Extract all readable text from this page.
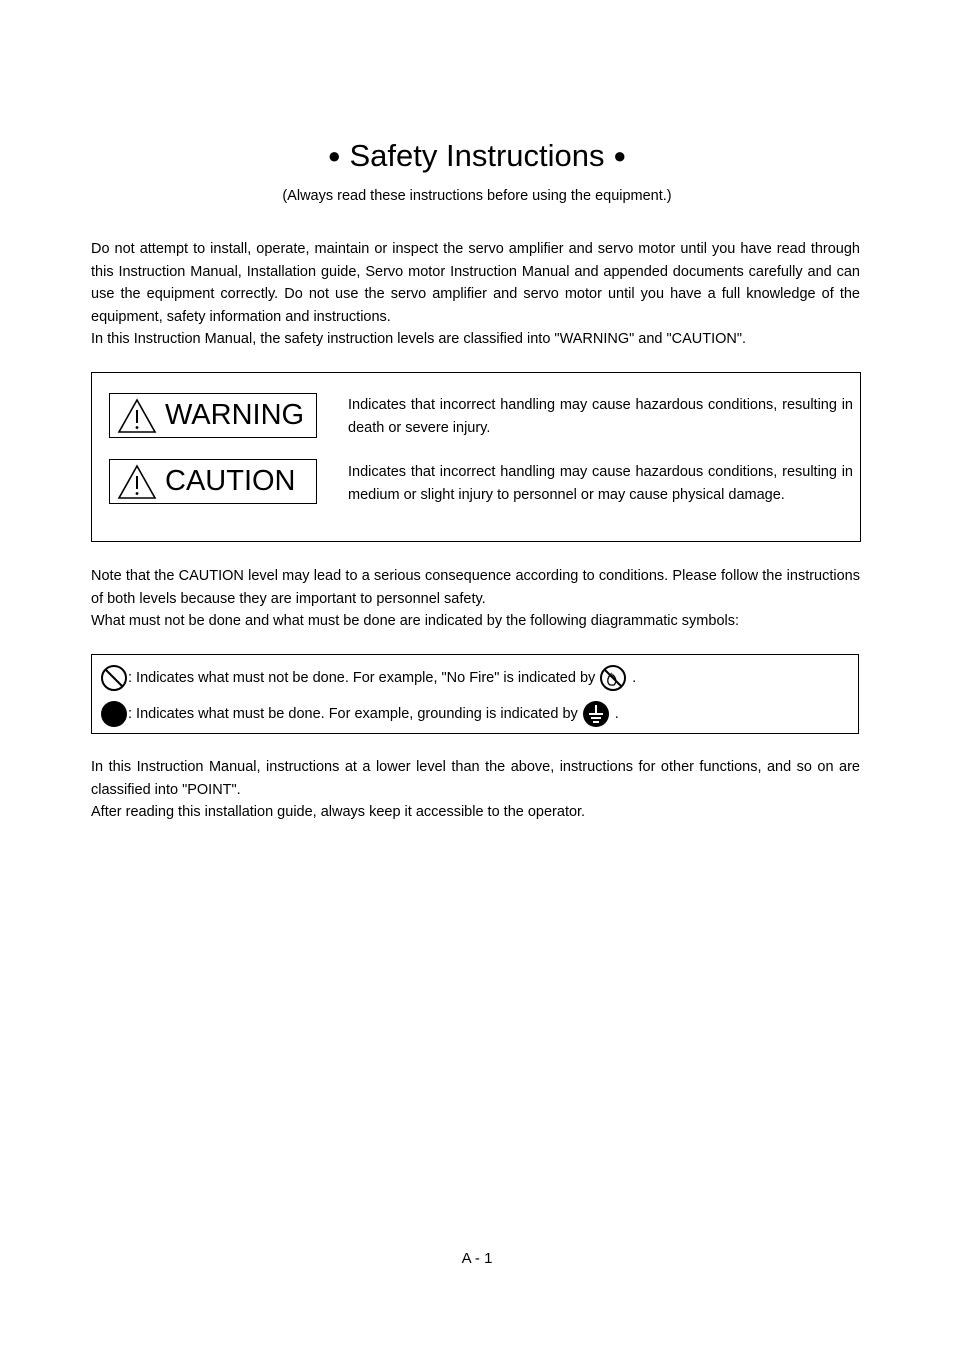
● Safety Instructions ●
(Always read these instructions before using the equipment.)

Do not attempt to install, operate, maintain or inspect the servo amplifier and servo motor until you have read through this Instruction Manual, Installation guide, Servo motor Instruction Manual and appended documents carefully and can use the equipment correctly. Do not use the servo amplifier and servo motor until you have a full knowledge of the equipment, safety information and instructions.

In this Instruction Manual, the safety instruction levels are classified into "WARNING" and "CAUTION".

WARNING	Indicates that incorrect handling may cause hazardous conditions, resulting in death or severe injury.
CAUTION	Indicates that incorrect handling may cause hazardous conditions, resulting in medium or slight injury to personnel or may cause physical damage.

Note that the CAUTION level may lead to a serious consequence according to conditions. Please follow the instructions of both levels because they are important to personnel safety.

What must not be done and what must be done are indicated by the following diagrammatic symbols:

: Indicates what must not be done. For example, "No Fire" is indicated by	.
: Indicates what must be done. For example, grounding is indicated by	.

In this Instruction Manual, instructions at a lower level than the above, instructions for other functions, and so on are classified into "POINT".

After reading this installation guide, always keep it accessible to the operator.

A - 1
